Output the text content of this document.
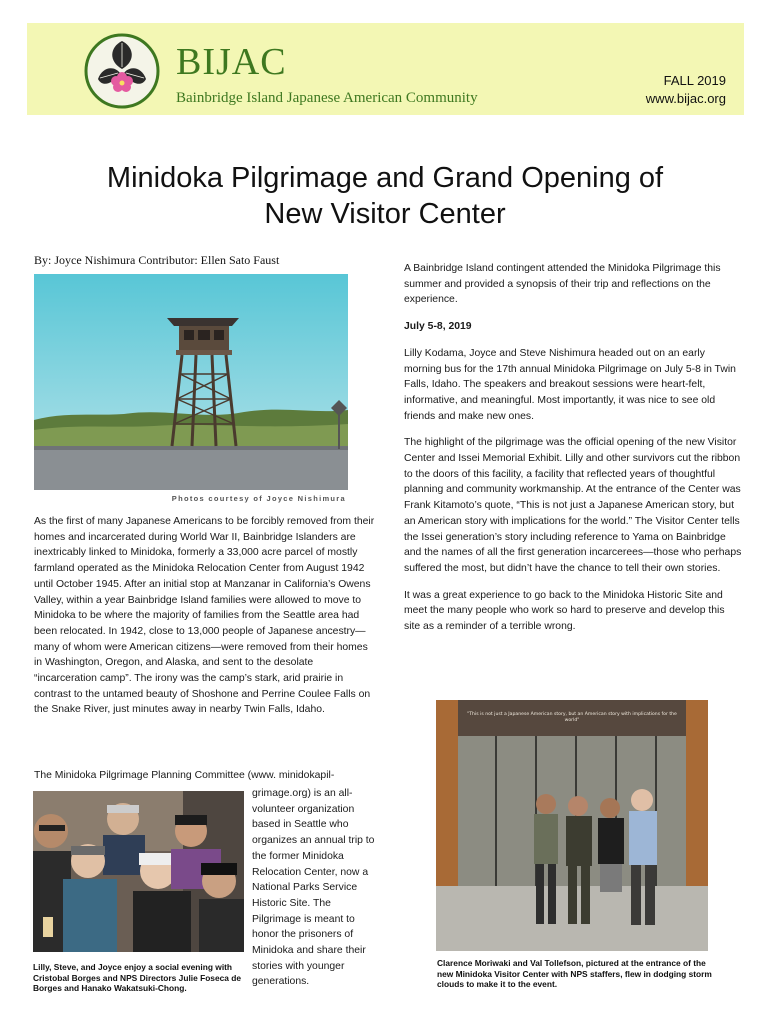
BIJAC
Bainbridge Island Japanese American Community
FALL 2019
www.bijac.org
Minidoka Pilgrimage and Grand Opening of
New Visitor Center
By: Joyce Nishimura Contributor: Ellen Sato Faust
Photos courtesy of Joyce Nishimura

As the first of many Japanese Americans to be forcibly removed from their homes and incarcerated during World War II, Bainbridge Islanders are inextricably linked to Minidoka, formerly a 33,000 acre parcel of mostly farmland operated as the Minidoka Relocation Center from August 1942 until October 1945. After an initial stop at Manzanar in California’s Owens Valley, within a year Bainbridge Island families were allowed to move to Minidoka to be where the majority of families from the Seattle area had been relocated. In 1942, close to 13,000 people of Japanese ancestry—many of whom were American citizens—were removed from their homes in Washington, Oregon, and Alaska, and sent to the desolate “incarceration camp”. The irony was the camp’s stark, arid prairie in contrast to the untamed beauty of Shoshone and Perrine Coulee Falls on the Snake River, just minutes away in nearby Twin Falls, Idaho.

The Minidoka Pilgrimage Planning Committee (www. minidokapil-
grimage.org) is an all-volunteer organization based in Seattle who organizes an annual trip to the former Minidoka Relocation Center, now a National Parks Service Historic Site. The Pilgrimage is meant to honor the prisoners of Minidoka and share their stories with younger generations.
Lilly, Steve, and Joyce enjoy a social evening with Cristobal Borges and NPS Directors Julie Foseca de Borges and Hanako Wakatsuki-Chong.

A Bainbridge Island contingent attended the Minidoka Pilgrimage this summer and provided a synopsis of their trip and reflections on the experience.

July 5-8, 2019

Lilly Kodama, Joyce and Steve Nishimura headed out on an early morning bus for the 17th annual Minidoka Pilgrimage on July 5-8 in Twin Falls, Idaho. The speakers and breakout sessions were heart-felt, informative, and meaningful. Most importantly, it was nice to see old friends and make new ones.

The highlight of the pilgrimage was the official opening of the new Visitor Center and Issei Memorial Exhibit. Lilly and other survivors cut the ribbon to the doors of this facility, a facility that reflected years of thoughtful planning and community workmanship. At the entrance of the Center was Frank Kitamoto’s quote, “This is not just a Japanese American story, but an American story with implications for the world.” The Visitor Center tells the Issei generation’s story including reference to Yama on Bainbridge and the names of all the first generation incarcerees—those who perhaps suffered the most, but didn’t have the chance to tell their own stories.

It was a great experience to go back to the Minidoka Historic Site and meet the many people who work so hard to preserve and develop this site as a reminder of a terrible wrong.

"This is not just a Japanese American story, but an American story with implications for the world"
Clarence Moriwaki and Val Tollefson, pictured at the entrance of the new Minidoka Visitor Center with NPS staffers, flew in dodging storm clouds to make it to the event.
